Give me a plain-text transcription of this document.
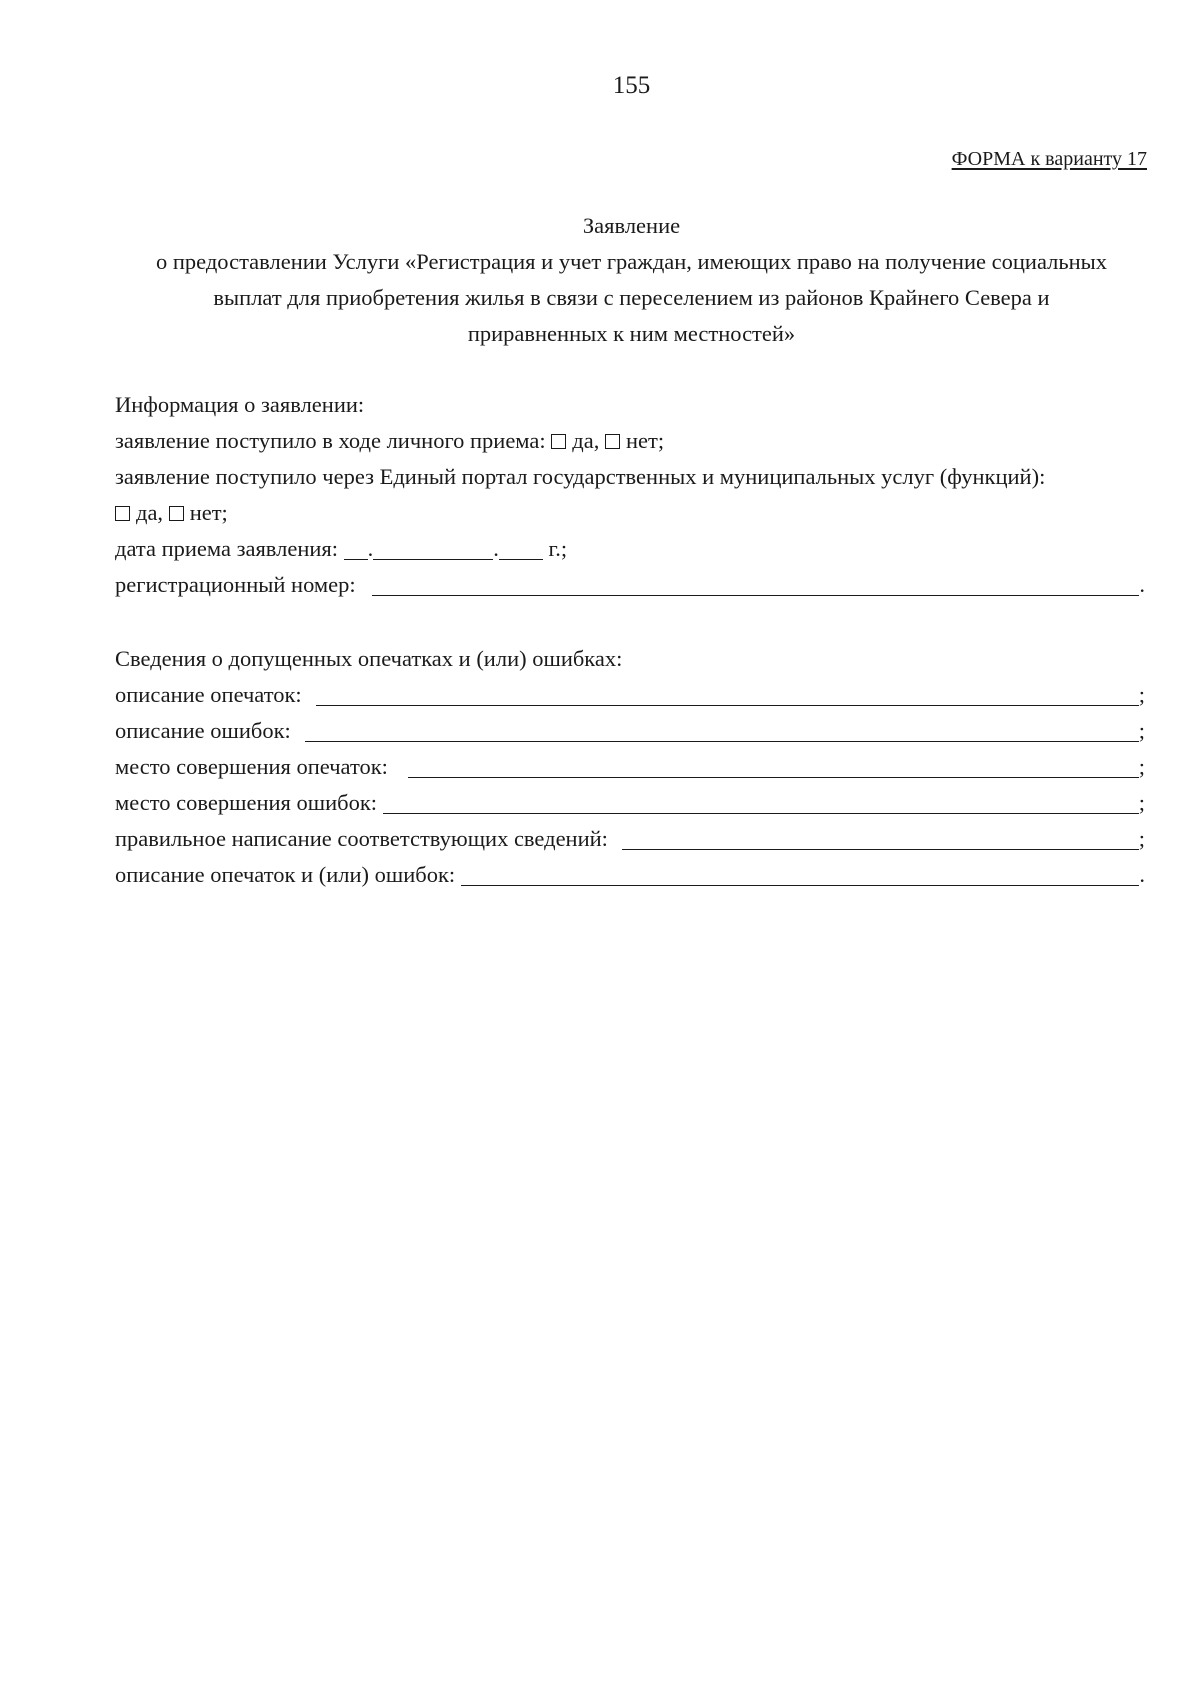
155
ФОРМА к варианту 17
Заявление
о предоставлении Услуги «Регистрация и учет граждан, имеющих право на получение социальных
выплат для приобретения жилья в связи с переселением из районов Крайнего Севера и
приравненных к ним местностей»
Информация о заявлении:
заявление поступило в ходе личного приема: да, нет;
заявление поступило через Единый портал государственных и муниципальных услуг (функций):
да, нет;
дата приема заявления: .	. г.;
регистрационный номер:	.
Сведения о допущенных опечатках и (или) ошибках:
описание опечаток:	;
описание ошибок:	;
место совершения опечаток:	;
место совершения ошибок:	;
правильное написание соответствующих сведений:	;
описание опечаток и (или) ошибок:	.
